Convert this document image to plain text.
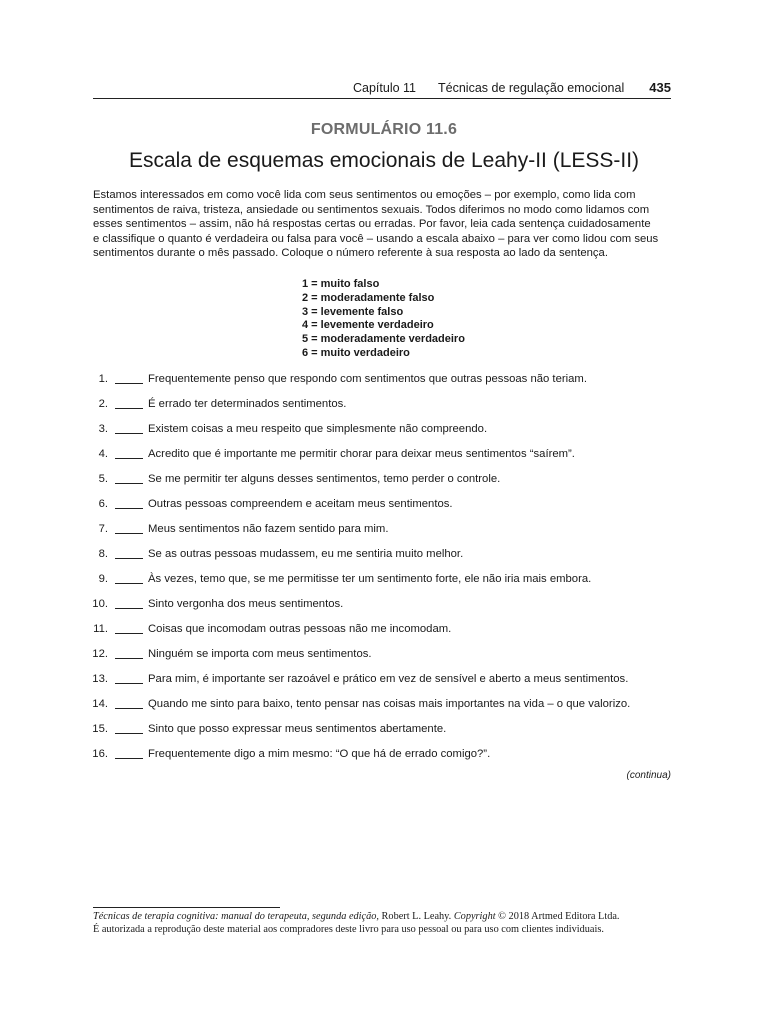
Capítulo 11 Técnicas de regulação emocional 435
FORMULÁRIO 11.6
Escala de esquemas emocionais de Leahy-II (LESS-II)

Estamos interessados em como você lida com seus sentimentos ou emoções – por exemplo, como lida com

sentimentos de raiva, tristeza, ansiedade ou sentimentos sexuais. Todos diferimos no modo como lidamos com

esses sentimentos – assim, não há respostas certas ou erradas. Por favor, leia cada sentença cuidadosamente

e classifique o quanto é verdadeira ou falsa para você – usando a escala abaixo – para ver como lidou com seus

sentimentos durante o mês passado. Coloque o número referente à sua resposta ao lado da sentença.

1 = muito falso
2 = moderadamente falso
3 = levemente falso
4 = levemente verdadeiro
5 = moderadamente verdadeiro
6 = muito verdadeiro
1.	Frequentemente penso que respondo com sentimentos que outras pessoas não teriam.
2.	É errado ter determinados sentimentos.
3.	Existem coisas a meu respeito que simplesmente não compreendo.
4.	Acredito que é importante me permitir chorar para deixar meus sentimentos “saírem”.
5.	Se me permitir ter alguns desses sentimentos, temo perder o controle.
6.	Outras pessoas compreendem e aceitam meus sentimentos.
7.	Meus sentimentos não fazem sentido para mim.
8.	Se as outras pessoas mudassem, eu me sentiria muito melhor.
9.	Às vezes, temo que, se me permitisse ter um sentimento forte, ele não iria mais embora.
10.	Sinto vergonha dos meus sentimentos.
11.	Coisas que incomodam outras pessoas não me incomodam.
12.	Ninguém se importa com meus sentimentos.
13.	Para mim, é importante ser razoável e prático em vez de sensível e aberto a meus sentimentos.
14.	Quando me sinto para baixo, tento pensar nas coisas mais importantes na vida – o que valorizo.
15.	Sinto que posso expressar meus sentimentos abertamente.
16.	Frequentemente digo a mim mesmo: “O que há de errado comigo?”.
(continua)

Técnicas de terapia cognitiva: manual do terapeuta, segunda edição, Robert L. Leahy. Copyright © 2018 Artmed Editora Ltda.

É autorizada a reprodução deste material aos compradores deste livro para uso pessoal ou para uso com clientes individuais.
